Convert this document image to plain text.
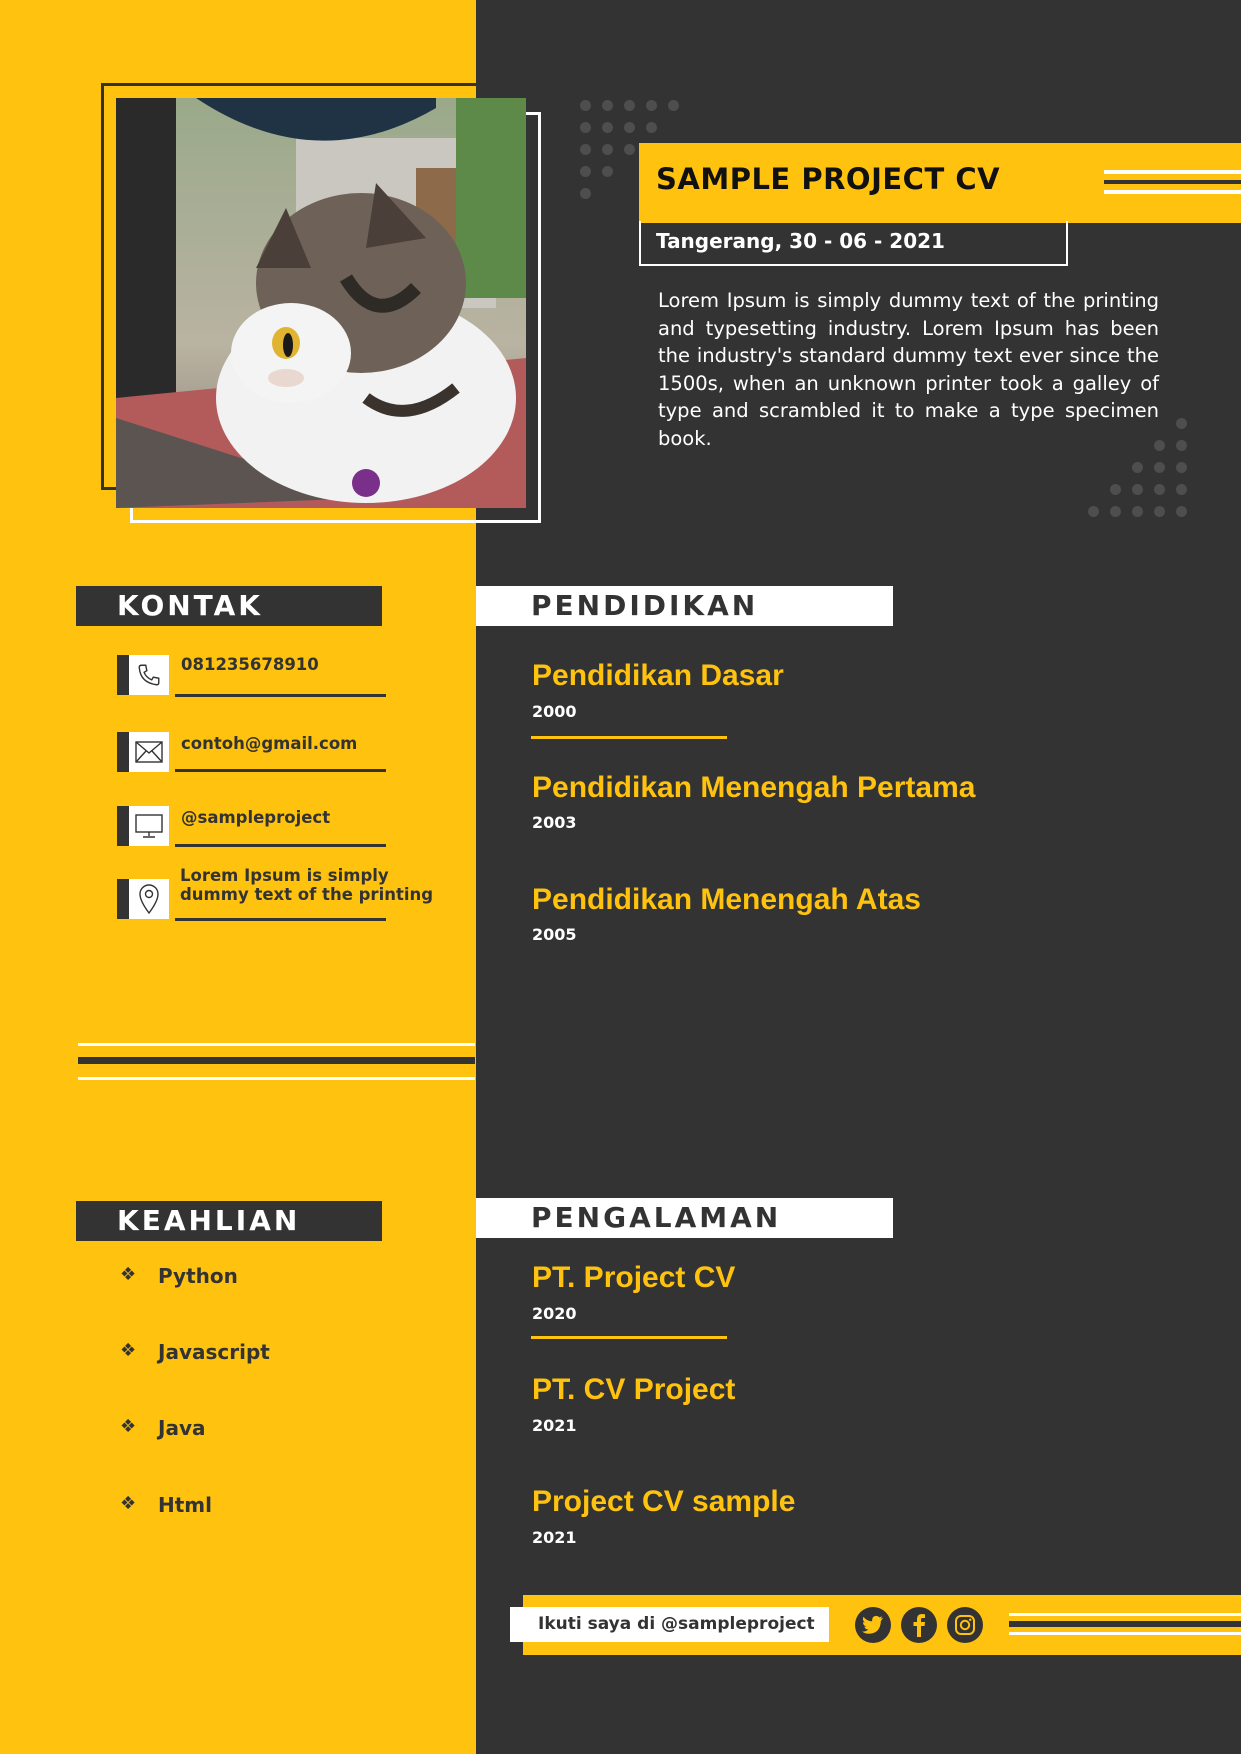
SAMPLE PROJECT CV
Tangerang, 30 - 06 - 2021
Lorem Ipsum is simply dummy text of the printing and typesetting industry. Lorem Ipsum has been the industry's standard dummy text ever since the 1500s, when an unknown printer took a galley of type and scrambled it to make a type specimen book.
KONTAK
081235678910
contoh@gmail.com
@sampleproject
Lorem Ipsum is simply dummy text of the printing
KEAHLIAN
❖ Python
❖ Javascript
❖ Java
❖ Html
PENDIDIKAN
Pendidikan Dasar
2000
Pendidikan Menengah Pertama
2003
Pendidikan Menengah Atas
2005
PENGALAMAN
PT. Project CV
2020
PT. CV Project
2021
Project CV sample
2021
Ikuti saya di @sampleproject
